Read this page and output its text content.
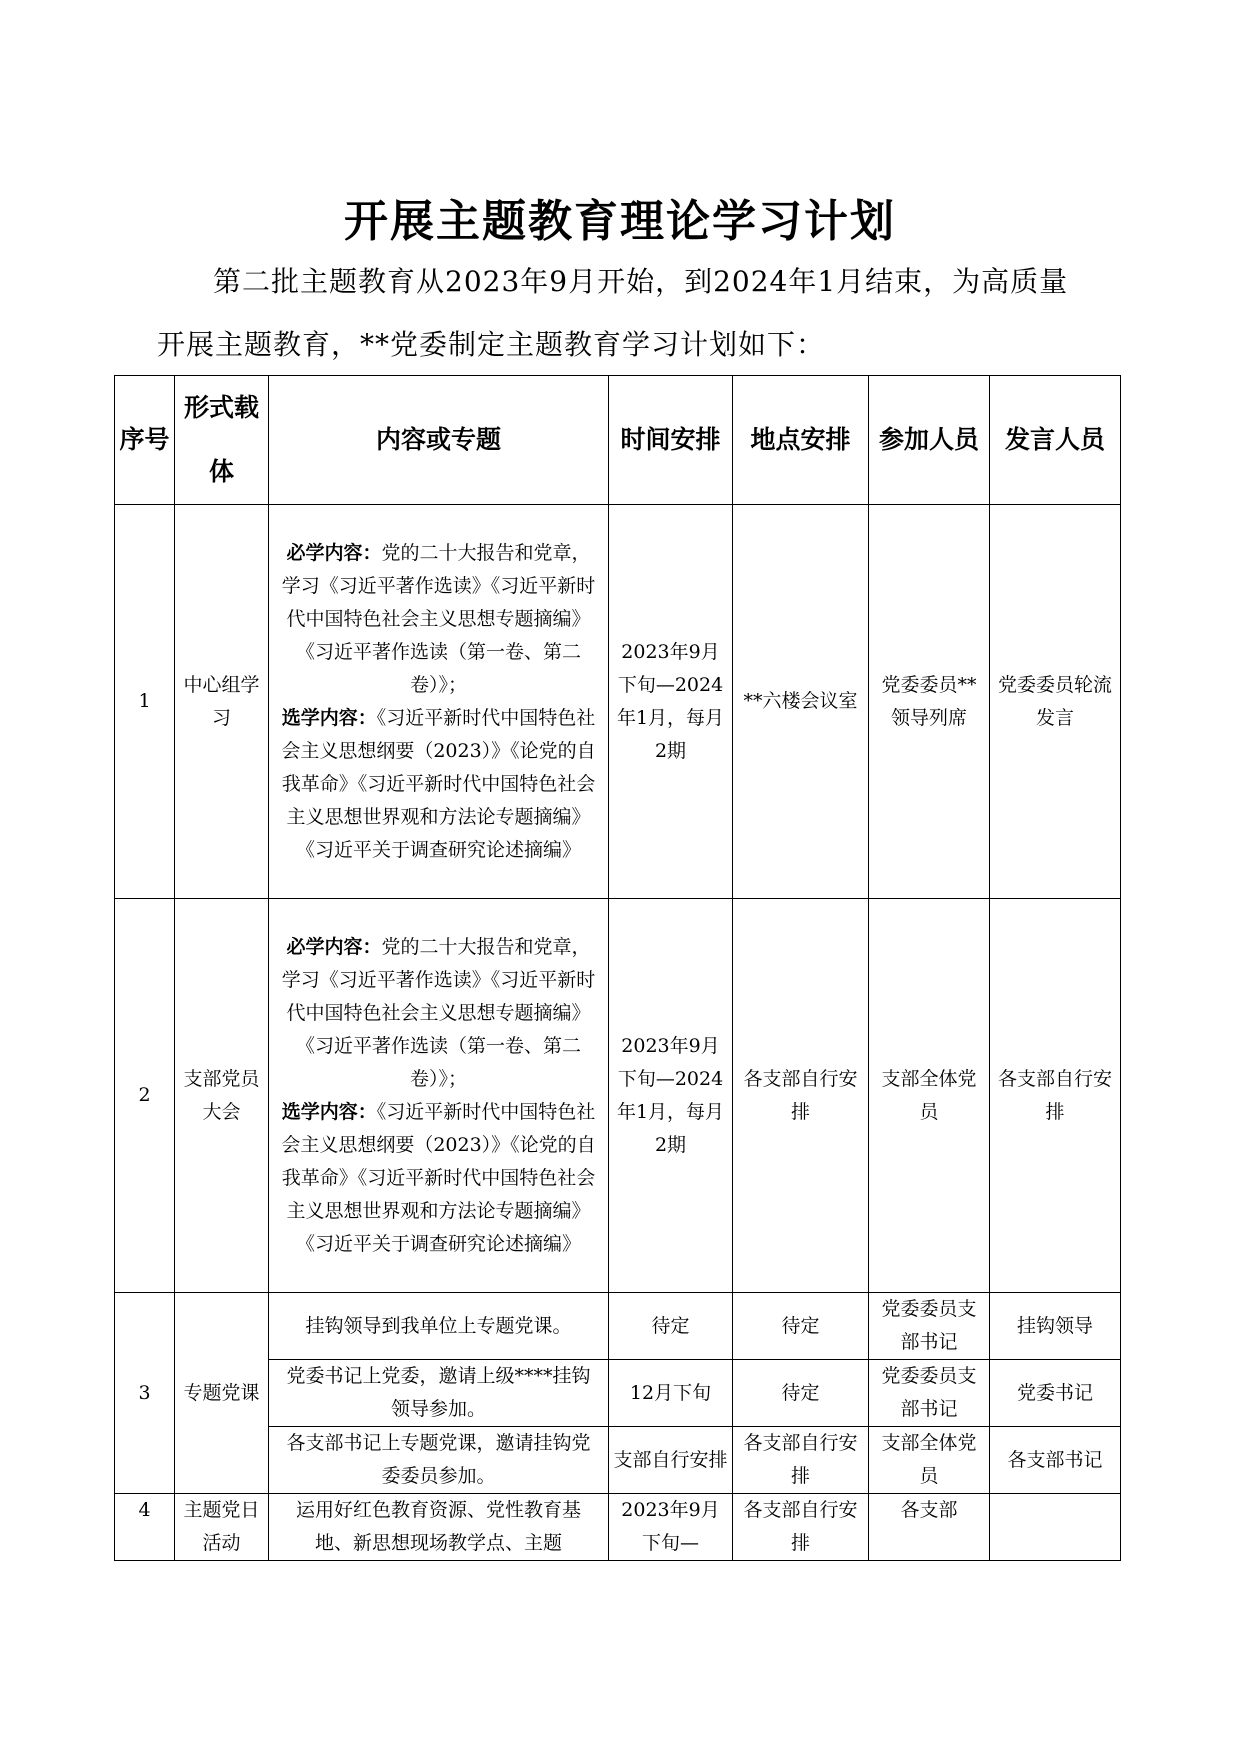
开展主题教育理论学习计划

第二批主题教育从2023年9月开始，到2024年1月结束，为高质量开展主题教育，**党委制定主题教育学习计划如下：

序号	形式载体	内容或专题	时间安排	地点安排	参加人员	发言人员
1	中心组学习	必学内容：党的二十大报告和党章，学习《习近平著作选读》《习近平新时代中国特色社会主义思想专题摘编》《习近平著作选读（第一卷、第二卷）》；
选学内容：《习近平新时代中国特色社会主义思想纲要（2023）》《论党的自我革命》《习近平新时代中国特色社会主义思想世界观和方法论专题摘编》《习近平关于调查研究论述摘编》	2023年9月下旬—2024年1月，每月2期	**六楼会议室	党委委员**领导列席	党委委员轮流发言
2	支部党员大会	必学内容：党的二十大报告和党章，学习《习近平著作选读》《习近平新时代中国特色社会主义思想专题摘编》《习近平著作选读（第一卷、第二卷）》；
选学内容：《习近平新时代中国特色社会主义思想纲要（2023）》《论党的自我革命》《习近平新时代中国特色社会主义思想世界观和方法论专题摘编》《习近平关于调查研究论述摘编》	2023年9月下旬—2024年1月，每月2期	各支部自行安排	支部全体党员	各支部自行安排
3	专题党课	挂钩领导到我单位上专题党课。	待定	待定	党委委员支部书记	挂钩领导
		党委书记上党委，邀请上级****挂钩领导参加。	12月下旬	待定	党委委员支部书记	党委书记
		各支部书记上专题党课，邀请挂钩党委委员参加。	支部自行安排	各支部自行安排	支部全体党员	各支部书记
4	主题党日活动	运用好红色教育资源、党性教育基地、新思想现场教学点、主题	2023年9月下旬—	各支部自行安排	各支部	
